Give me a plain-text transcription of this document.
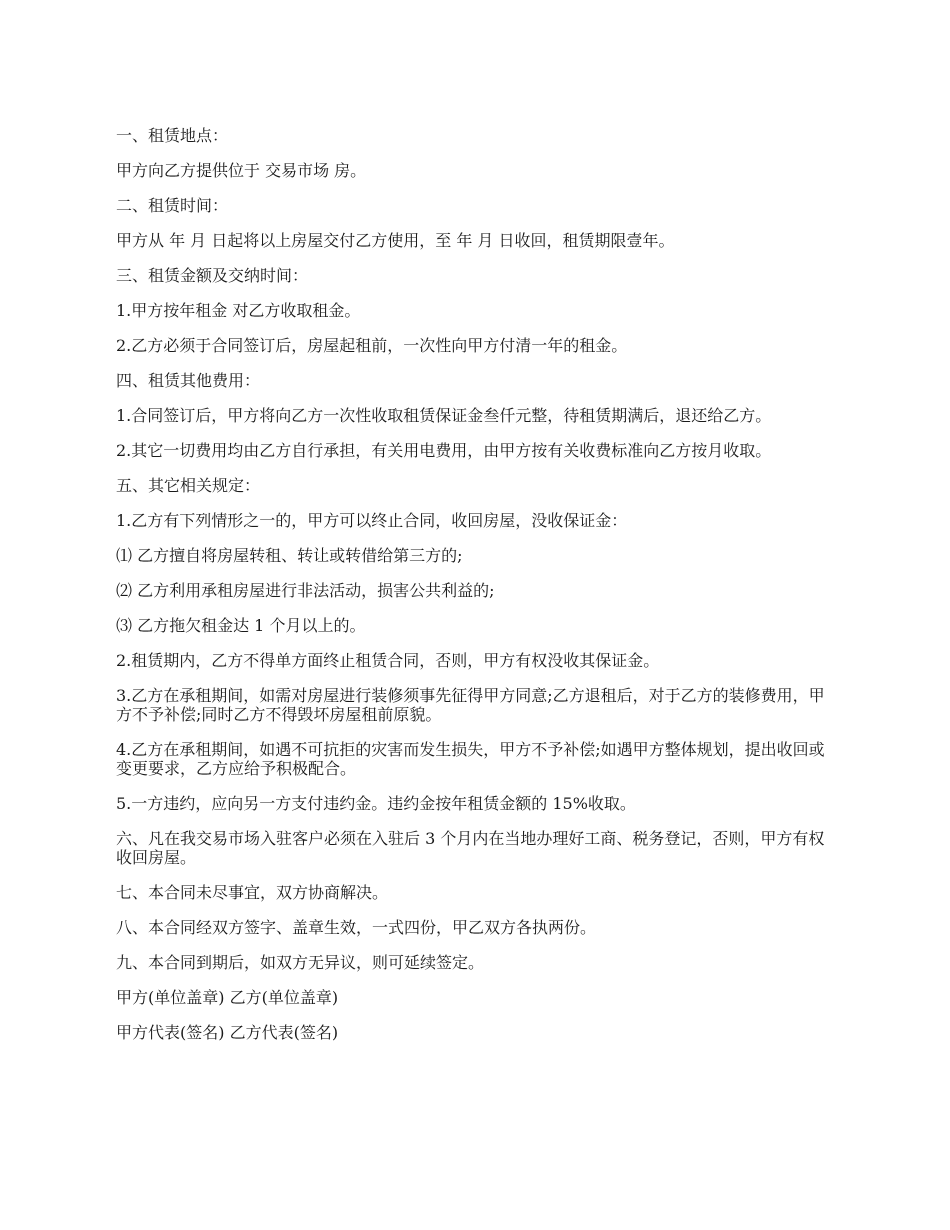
一、租赁地点：

甲方向乙方提供位于 交易市场 房。

二、租赁时间：

甲方从 年 月 日起将以上房屋交付乙方使用，至 年 月 日收回，租赁期限壹年。

三、租赁金额及交纳时间：

1.甲方按年租金 对乙方收取租金。

2.乙方必须于合同签订后，房屋起租前，一次性向甲方付清一年的租金。

四、租赁其他费用：

1.合同签订后，甲方将向乙方一次性收取租赁保证金叁仟元整，待租赁期满后，退还给乙方。

2.其它一切费用均由乙方自行承担，有关用电费用，由甲方按有关收费标准向乙方按月收取。

五、其它相关规定：

1.乙方有下列情形之一的，甲方可以终止合同，收回房屋，没收保证金：

⑴ 乙方擅自将房屋转租、转让或转借给第三方的;

⑵ 乙方利用承租房屋进行非法活动，损害公共利益的;

⑶ 乙方拖欠租金达 1 个月以上的。

2.租赁期内，乙方不得单方面终止租赁合同，否则，甲方有权没收其保证金。

3.乙方在承租期间，如需对房屋进行装修须事先征得甲方同意;乙方退租后，对于乙方的装修费用，甲方不予补偿;同时乙方不得毁坏房屋租前原貌。

4.乙方在承租期间，如遇不可抗拒的灾害而发生损失，甲方不予补偿;如遇甲方整体规划，提出收回或变更要求，乙方应给予积极配合。

5.一方违约，应向另一方支付违约金。违约金按年租赁金额的 15%收取。

六、凡在我交易市场入驻客户必须在入驻后 3 个月内在当地办理好工商、税务登记，否则，甲方有权收回房屋。

七、本合同未尽事宜，双方协商解决。

八、本合同经双方签字、盖章生效，一式四份，甲乙双方各执两份。

九、本合同到期后，如双方无异议，则可延续签定。

甲方(单位盖章) 乙方(单位盖章)

甲方代表(签名) 乙方代表(签名)
